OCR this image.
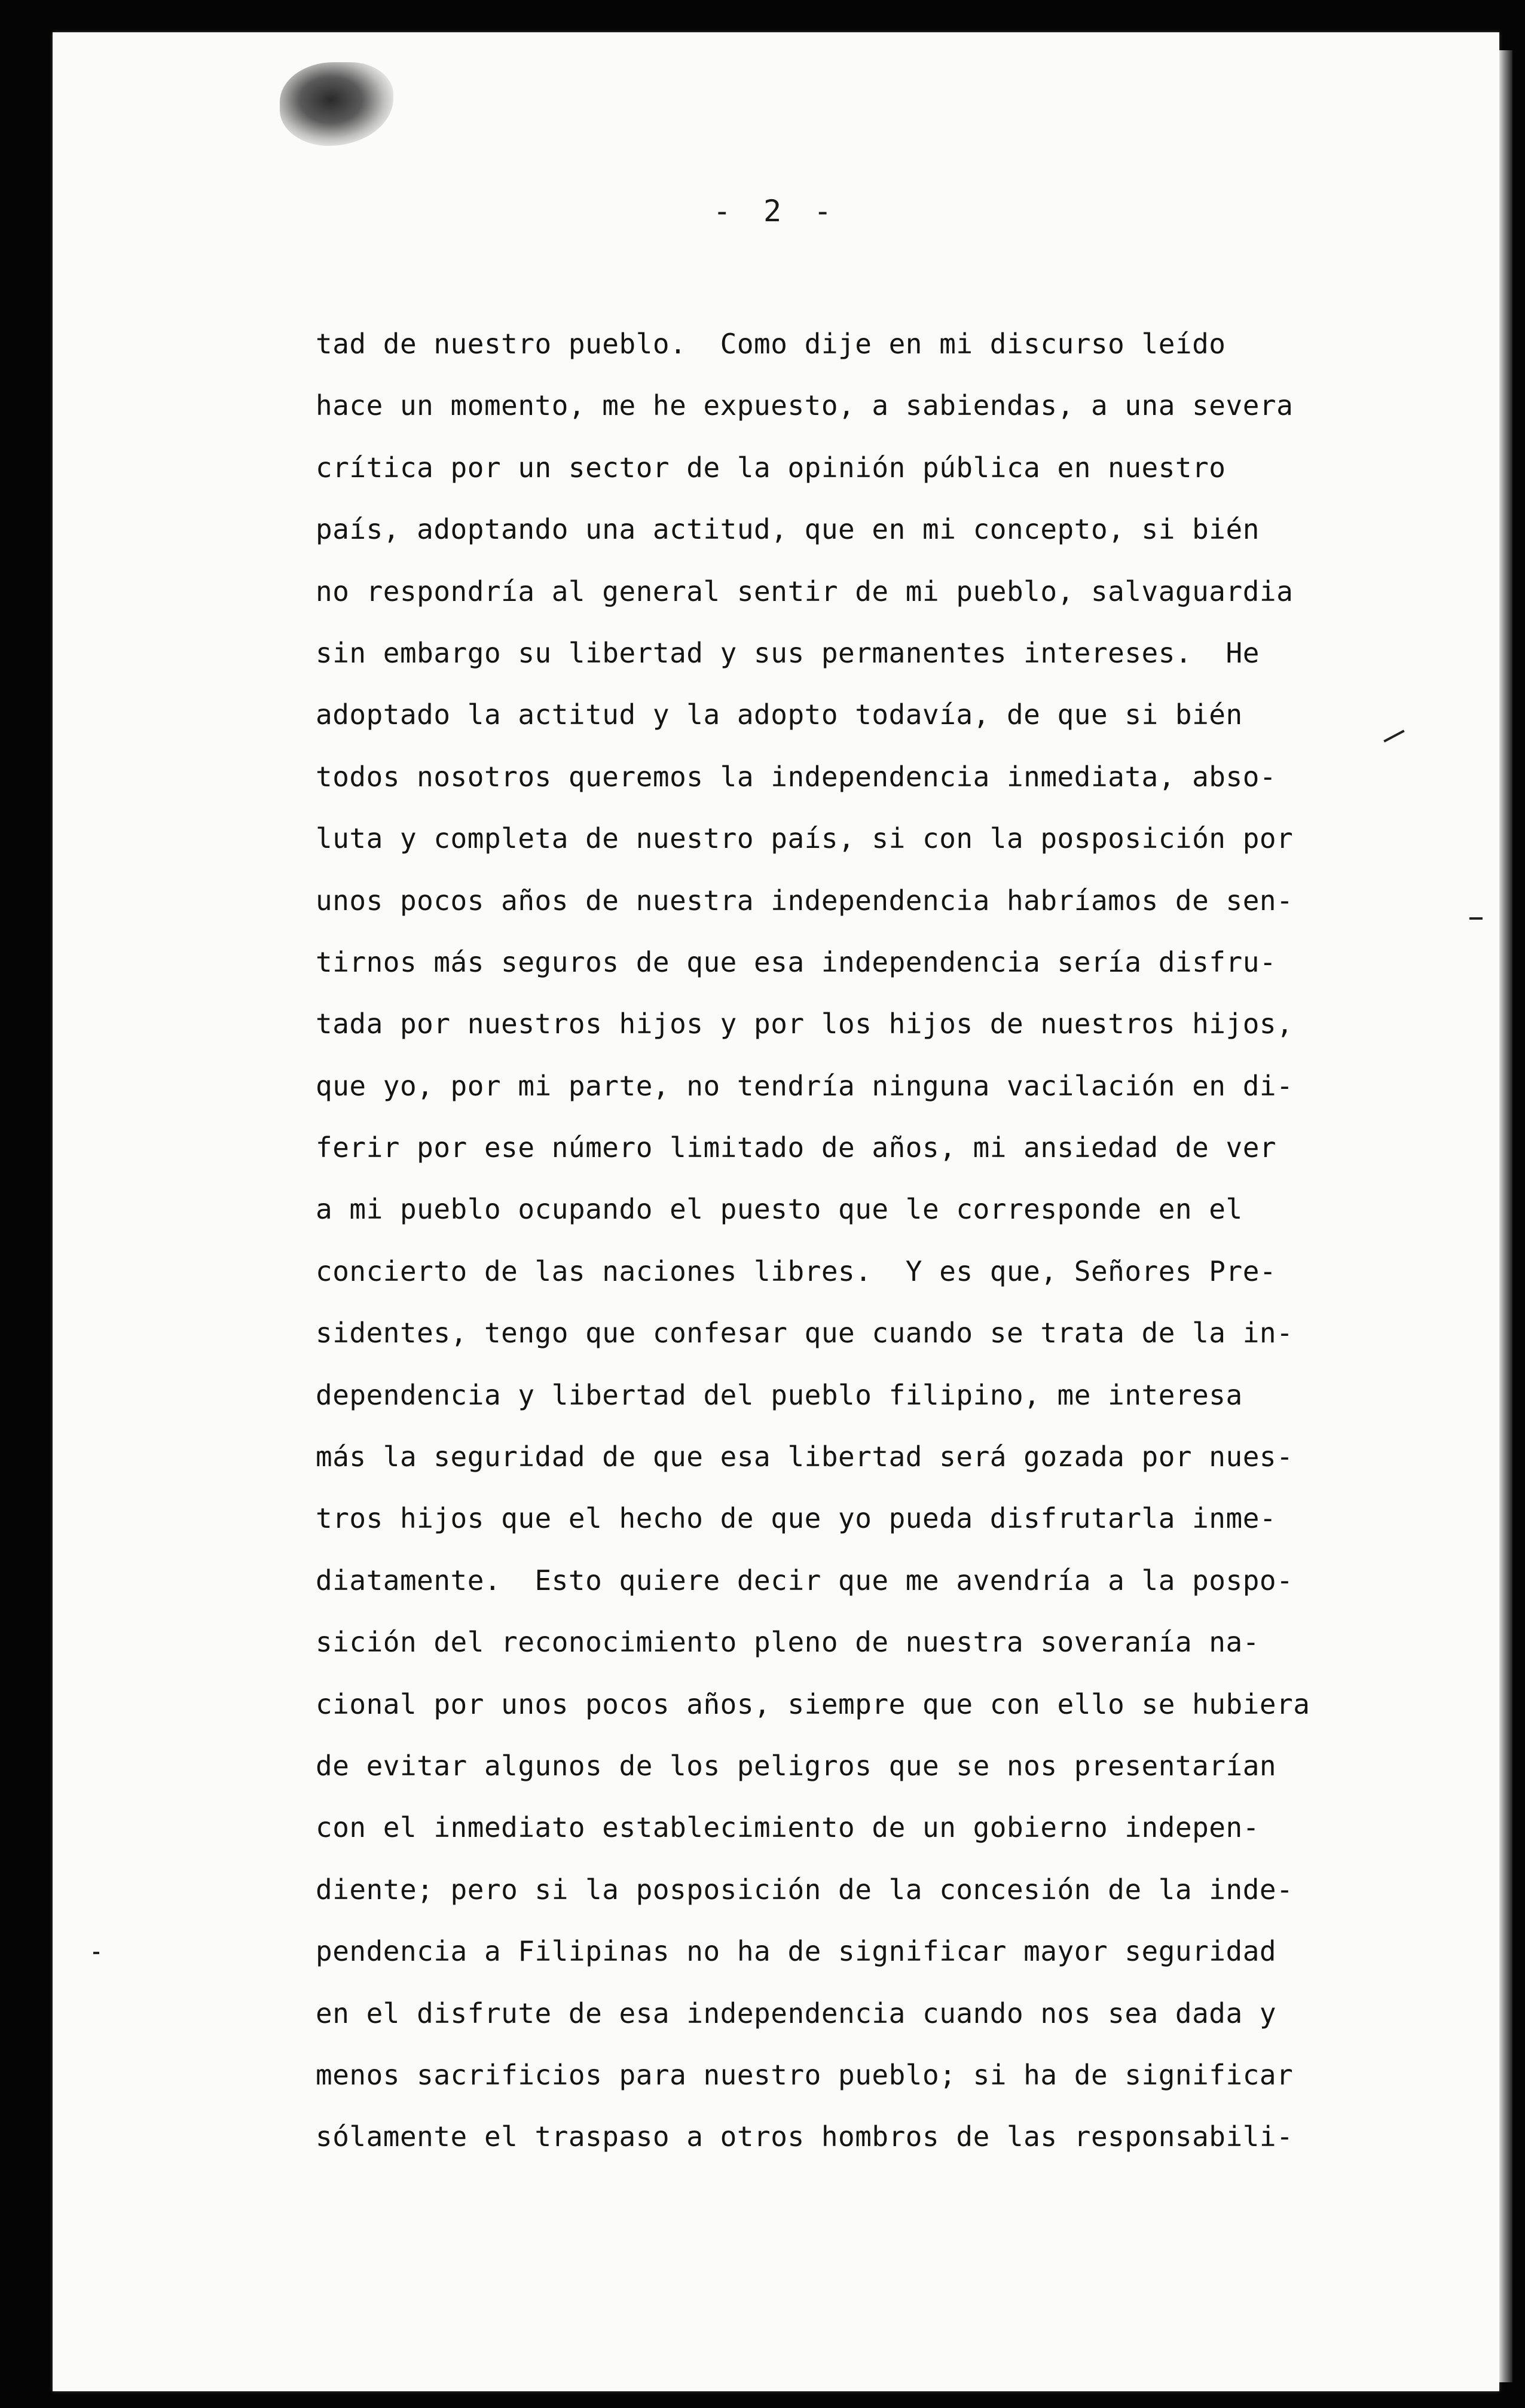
- 2 -
tad de nuestro pueblo.  Como dije en mi discurso leído
hace un momento, me he expuesto, a sabiendas, a una severa
crítica por un sector de la opinión pública en nuestro
país, adoptando una actitud, que en mi concepto, si bién
no respondría al general sentir de mi pueblo, salvaguardia
sin embargo su libertad y sus permanentes intereses.  He
adoptado la actitud y la adopto todavía, de que si bién
todos nosotros queremos la independencia inmediata, abso-
luta y completa de nuestro país, si con la posposición por
unos pocos años de nuestra independencia habríamos de sen-
tirnos más seguros de que esa independencia sería disfru-
tada por nuestros hijos y por los hijos de nuestros hijos,
que yo, por mi parte, no tendría ninguna vacilación en di-
ferir por ese número limitado de años, mi ansiedad de ver
a mi pueblo ocupando el puesto que le corresponde en el
concierto de las naciones libres.  Y es que, Señores Pre-
sidentes, tengo que confesar que cuando se trata de la in-
dependencia y libertad del pueblo filipino, me interesa
más la seguridad de que esa libertad será gozada por nues-
tros hijos que el hecho de que yo pueda disfrutarla inme-
diatamente.  Esto quiere decir que me avendría a la pospo-
sición del reconocimiento pleno de nuestra soveranía na-
cional por unos pocos años, siempre que con ello se hubiera
de evitar algunos de los peligros que se nos presentarían
con el inmediato establecimiento de un gobierno indepen-
diente; pero si la posposición de la concesión de la inde-
pendencia a Filipinas no ha de significar mayor seguridad
en el disfrute de esa independencia cuando nos sea dada y
menos sacrificios para nuestro pueblo; si ha de significar
sólamente el traspaso a otros hombros de las responsabili-
